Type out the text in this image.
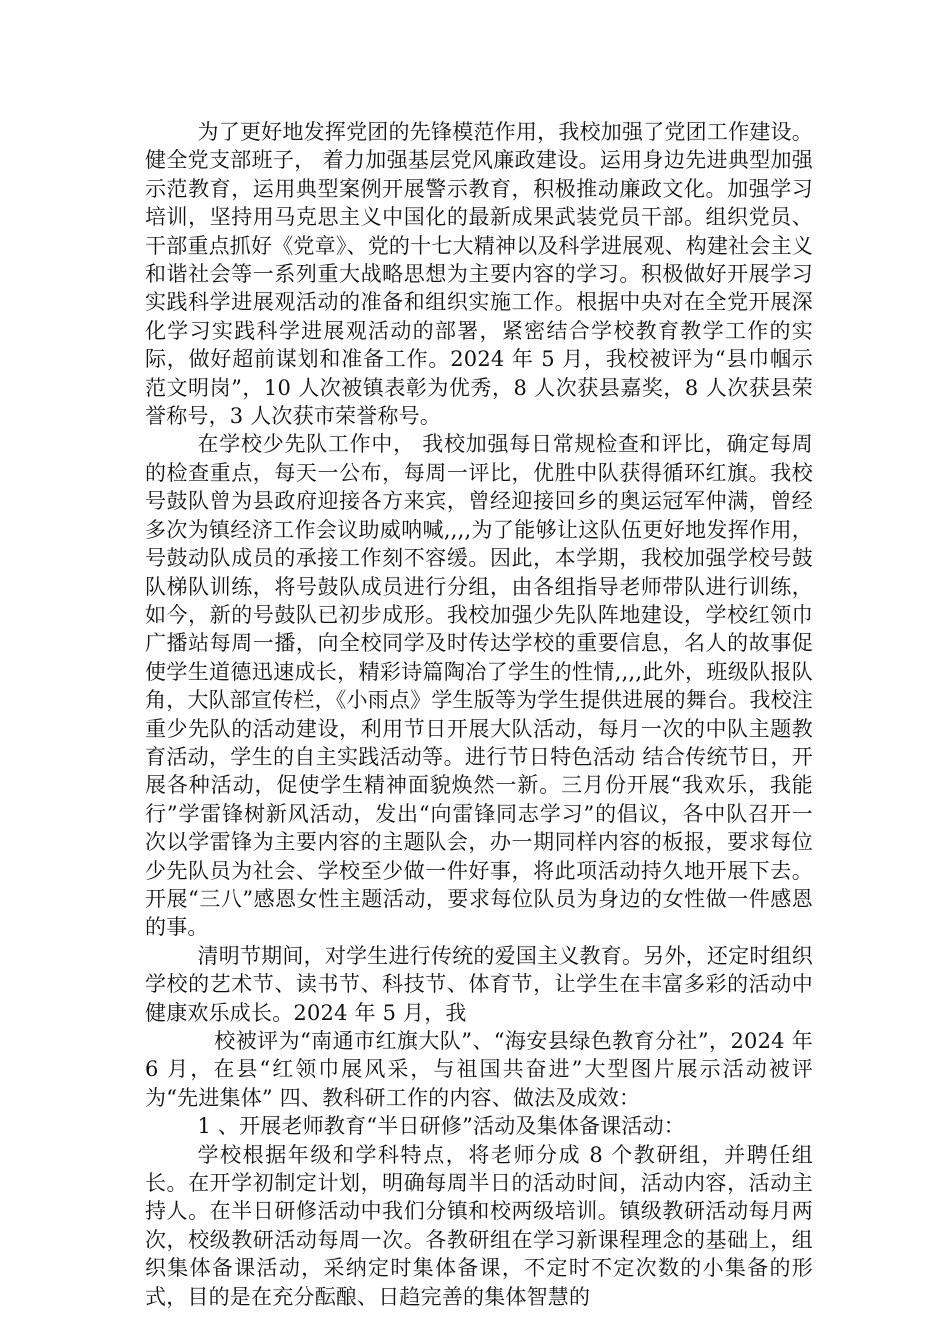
为了更好地发挥党团的先锋模范作用，我校加强了党团工作建设。健全党支部班子， 着力加强基层党风廉政建设。运用身边先进典型加强示范教育，运用典型案例开展警示教育，积极推动廉政文化。加强学习培训，坚持用马克思主义中国化的最新成果武装党员干部。组织党员、干部重点抓好《党章》、党的十七大精神以及科学进展观、构建社会主义和谐社会等一系列重大战略思想为主要内容的学习。积极做好开展学习实践科学进展观活动的准备和组织实施工作。根据中央对在全党开展深化学习实践科学进展观活动的部署，紧密结合学校教育教学工作的实际，做好超前谋划和准备工作。2024 年 5 月，我校被评为“县巾帼示范文明岗”，10 人次被镇表彰为优秀，8 人次获县嘉奖，8 人次获县荣誉称号，3 人次获市荣誉称号。

在学校少先队工作中， 我校加强每日常规检查和评比，确定每周的检查重点，每天一公布，每周一评比，优胜中队获得循环红旗。我校号鼓队曾为县政府迎接各方来宾，曾经迎接回乡的奥运冠军仲满，曾经多次为镇经济工作会议助威呐喊,,,,为了能够让这队伍更好地发挥作用，号鼓动队成员的承接工作刻不容缓。因此，本学期，我校加强学校号鼓队梯队训练，将号鼓队成员进行分组，由各组指导老师带队进行训练，如今，新的号鼓队已初步成形。我校加强少先队阵地建设，学校红领巾广播站每周一播，向全校同学及时传达学校的重要信息，名人的故事促使学生道德迅速成长，精彩诗篇陶冶了学生的性情,,,,此外，班级队报队角，大队部宣传栏，《小雨点》学生版等为学生提供进展的舞台。我校注重少先队的活动建设，利用节日开展大队活动，每月一次的中队主题教育活动，学生的自主实践活动等。进行节日特色活动 结合传统节日，开展各种活动，促使学生精神面貌焕然一新。三月份开展“我欢乐，我能行”学雷锋树新风活动，发出“向雷锋同志学习”的倡议，各中队召开一次以学雷锋为主要内容的主题队会，办一期同样内容的板报，要求每位少先队员为社会、学校至少做一件好事，将此项活动持久地开展下去。开展“三八”感恩女性主题活动，要求每位队员为身边的女性做一件感恩的事。

清明节期间，对学生进行传统的爱国主义教育。另外，还定时组织学校的艺术节、读书节、科技节、体育节，让学生在丰富多彩的活动中健康欢乐成长。2024 年 5 月，我

校被评为“南通市红旗大队”、“海安县绿色教育分社”，2024 年 6 月，在县“红领巾展风采，与祖国共奋进”大型图片展示活动被评为“先进集体” 四、教科研工作的内容、做法及成效：

1 、开展老师教育“半日研修”活动及集体备课活动：

学校根据年级和学科特点，将老师分成 8 个教研组，并聘任组长。在开学初制定计划，明确每周半日的活动时间，活动内容，活动主持人。在半日研修活动中我们分镇和校两级培训。镇级教研活动每月两次，校级教研活动每周一次。各教研组在学习新课程理念的基础上，组织集体备课活动，采纳定时集体备课，不定时不定次数的小集备的形式，目的是在充分酝酿、日趋完善的集体智慧的
